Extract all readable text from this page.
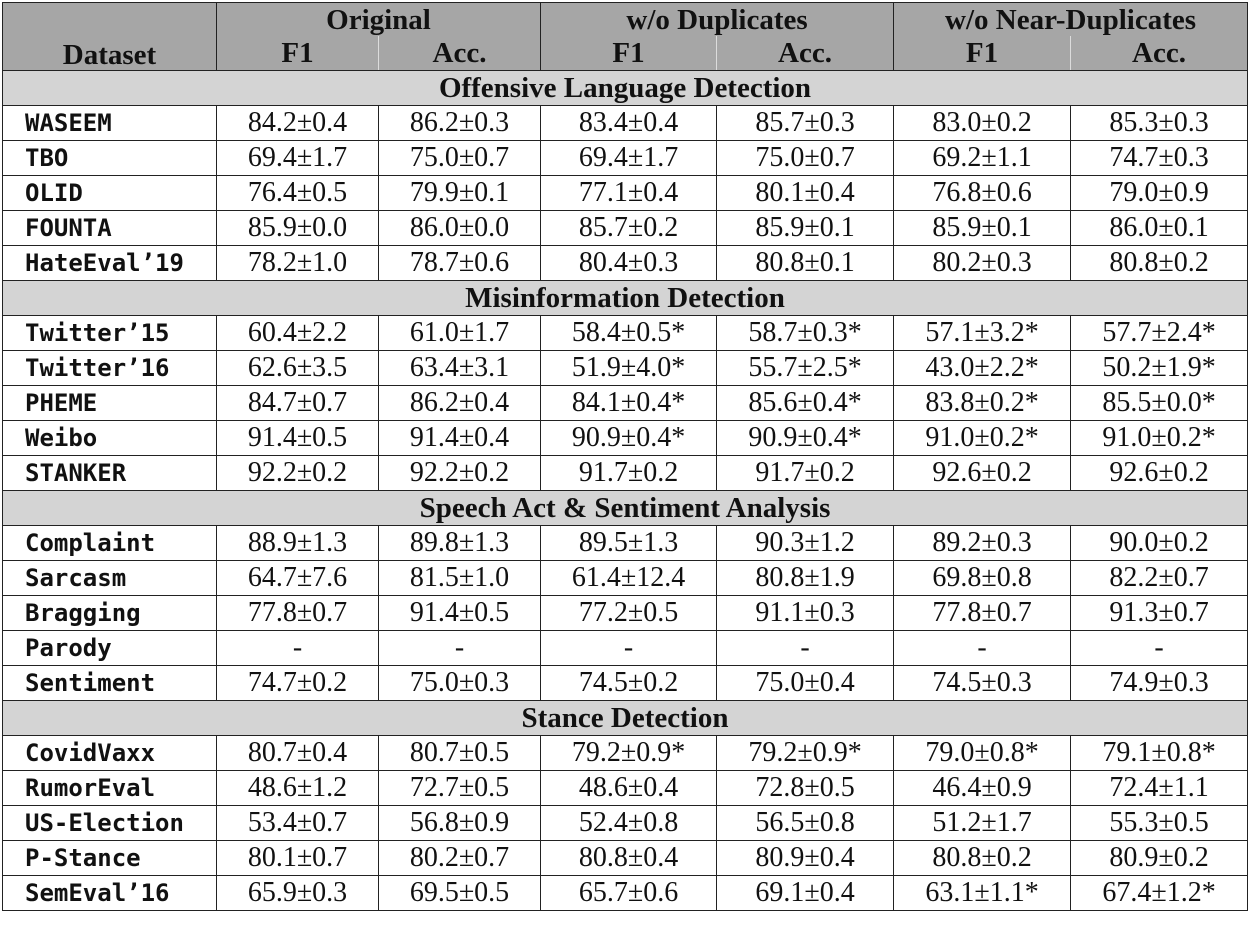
Dataset	Original		w/o Duplicates		w/o Near-Duplicates	
	F1	Acc.	F1	Acc.	F1	Acc.
Offensive Language Detection						
WASEEM	84.2±0.4	86.2±0.3	83.4±0.4	85.7±0.3	83.0±0.2	85.3±0.3
TBO	69.4±1.7	75.0±0.7	69.4±1.7	75.0±0.7	69.2±1.1	74.7±0.3
OLID	76.4±0.5	79.9±0.1	77.1±0.4	80.1±0.4	76.8±0.6	79.0±0.9
FOUNTA	85.9±0.0	86.0±0.0	85.7±0.2	85.9±0.1	85.9±0.1	86.0±0.1
HateEval’19	78.2±1.0	78.7±0.6	80.4±0.3	80.8±0.1	80.2±0.3	80.8±0.2
Misinformation Detection						
Twitter’15	60.4±2.2	61.0±1.7	58.4±0.5*	58.7±0.3*	57.1±3.2*	57.7±2.4*
Twitter’16	62.6±3.5	63.4±3.1	51.9±4.0*	55.7±2.5*	43.0±2.2*	50.2±1.9*
PHEME	84.7±0.7	86.2±0.4	84.1±0.4*	85.6±0.4*	83.8±0.2*	85.5±0.0*
Weibo	91.4±0.5	91.4±0.4	90.9±0.4*	90.9±0.4*	91.0±0.2*	91.0±0.2*
STANKER	92.2±0.2	92.2±0.2	91.7±0.2	91.7±0.2	92.6±0.2	92.6±0.2
Speech Act & Sentiment Analysis						
Complaint	88.9±1.3	89.8±1.3	89.5±1.3	90.3±1.2	89.2±0.3	90.0±0.2
Sarcasm	64.7±7.6	81.5±1.0	61.4±12.4	80.8±1.9	69.8±0.8	82.2±0.7
Bragging	77.8±0.7	91.4±0.5	77.2±0.5	91.1±0.3	77.8±0.7	91.3±0.7
Parody	-	-	-	-	-	-
Sentiment	74.7±0.2	75.0±0.3	74.5±0.2	75.0±0.4	74.5±0.3	74.9±0.3
Stance Detection						
CovidVaxx	80.7±0.4	80.7±0.5	79.2±0.9*	79.2±0.9*	79.0±0.8*	79.1±0.8*
RumorEval	48.6±1.2	72.7±0.5	48.6±0.4	72.8±0.5	46.4±0.9	72.4±1.1
US-Election	53.4±0.7	56.8±0.9	52.4±0.8	56.5±0.8	51.2±1.7	55.3±0.5
P-Stance	80.1±0.7	80.2±0.7	80.8±0.4	80.9±0.4	80.8±0.2	80.9±0.2
SemEval’16	65.9±0.3	69.5±0.5	65.7±0.6	69.1±0.4	63.1±1.1*	67.4±1.2*
